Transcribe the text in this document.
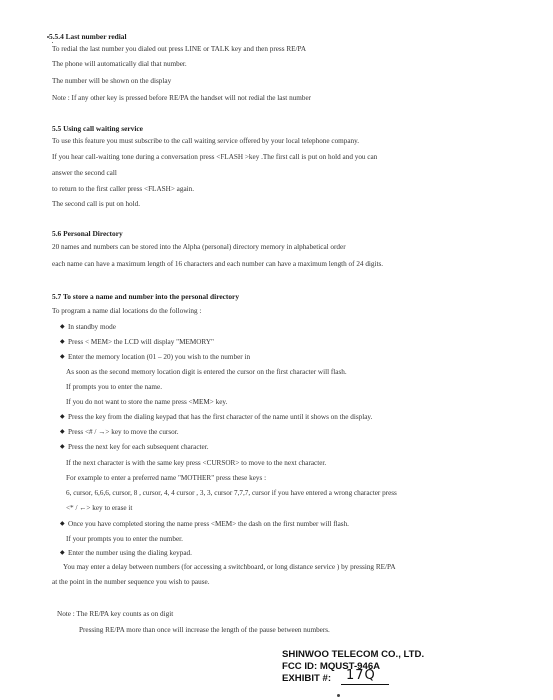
5.5.4 Last number redial
To redial the last number you dialed out press LINE or TALK key and then press RE/PA
The phone will automatically dial that number.
The number will be shown on the display
Note : If any other key is pressed before RE/PA the handset will not redial the last number
5.5 Using call waiting service
To use this feature you must subscribe to the call waiting service offered by your local telephone company.
If you hear call-waiting tone during a conversation press <FLASH >key .The first call is put on hold and you can
answer the second call
to return to the first caller press <FLASH> again.
The second call is put on hold.
5.6 Personal Directory
20 names and numbers can be stored into the Alpha (personal) directory memory in alphabetical order
each name can have a maximum length of 16 characters and each number can have a maximum length of 24 digits.
5.7 To store a name and number into the personal directory
To program a name dial locations do the following :
◆ In standby mode
◆ Press < MEM> the LCD will display "MEMORY"
◆ Enter the memory location (01 – 20) you wish to the number in
As soon as the second memory location digit is entered the cursor on the first character will flash.
If prompts you to enter the name.
If you do not want to store the name press <MEM> key.
◆ Press the key from the dialing keypad that has the first character of the name until it shows on the display.
◆ Press <# / →> key to move the cursor.
◆ Press the next key for each subsequent character.
If the next character is with the same key press <CURSOR> to move to the next character.
For example to enter a preferred name "MOTHER" press these keys :
6, cursor, 6,6,6, cursor, 8 , cursor, 4, 4 cursor , 3, 3, cursor 7,7,7, cursor if you have entered a wrong character press
<* / ←> key to erase it
◆ Once you have completed storing the name press <MEM> the dash on the first number will flash.
If your prompts you to enter the number.
◆ Enter the number using the dialing keypad.
You may enter a delay between numbers (for accessing a switchboard, or long distance service ) by pressing RE/PA
at the point in the number sequence you wish to pause.
Note : The RE/PA key counts as on digit
Pressing RE/PA more than once will increase the length of the pause between numbers.
SHINWOO TELECOM CO., LTD.
FCC ID: MQUST-946A
EXHIBIT #: 17Q
